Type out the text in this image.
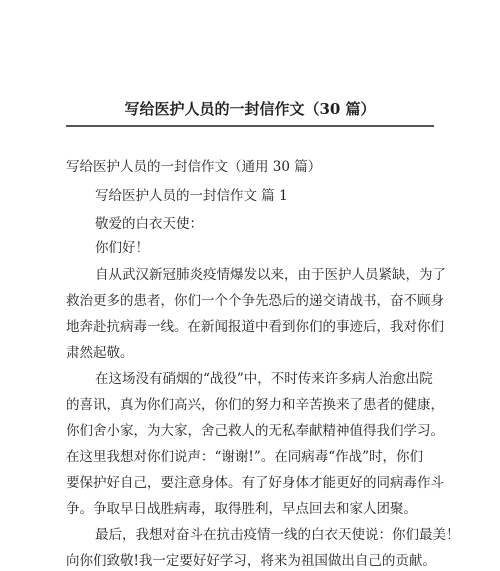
写给医护人员的一封信作文（30 篇）
写给医护人员的一封信作文（通用 30 篇）
写给医护人员的一封信作文 篇 1
敬爱的白衣天使：
你们好！
自从武汉新冠肺炎疫情爆发以来，由于医护人员紧缺，为了
救治更多的患者，你们一个个争先恐后的递交请战书，奋不顾身
地奔赴抗病毒一线。在新闻报道中看到你们的事迹后，我对你们
肃然起敬。
在这场没有硝烟的“战役”中，不时传来许多病人治愈出院
的喜讯，真为你们高兴，你们的努力和辛苦换来了患者的健康，
你们舍小家，为大家，舍己救人的无私奉献精神值得我们学习。
在这里我想对你们说声：“谢谢!”。在同病毒“作战”时，你们
要保护好自己，要注意身体。有了好身体才能更好的同病毒作斗
争。争取早日战胜病毒，取得胜利，早点回去和家人团聚。
最后，我想对奋斗在抗击疫情一线的白衣天使说：你们最美！
向你们致敬!我一定要好好学习，将来为祖国做出自己的贡献。
